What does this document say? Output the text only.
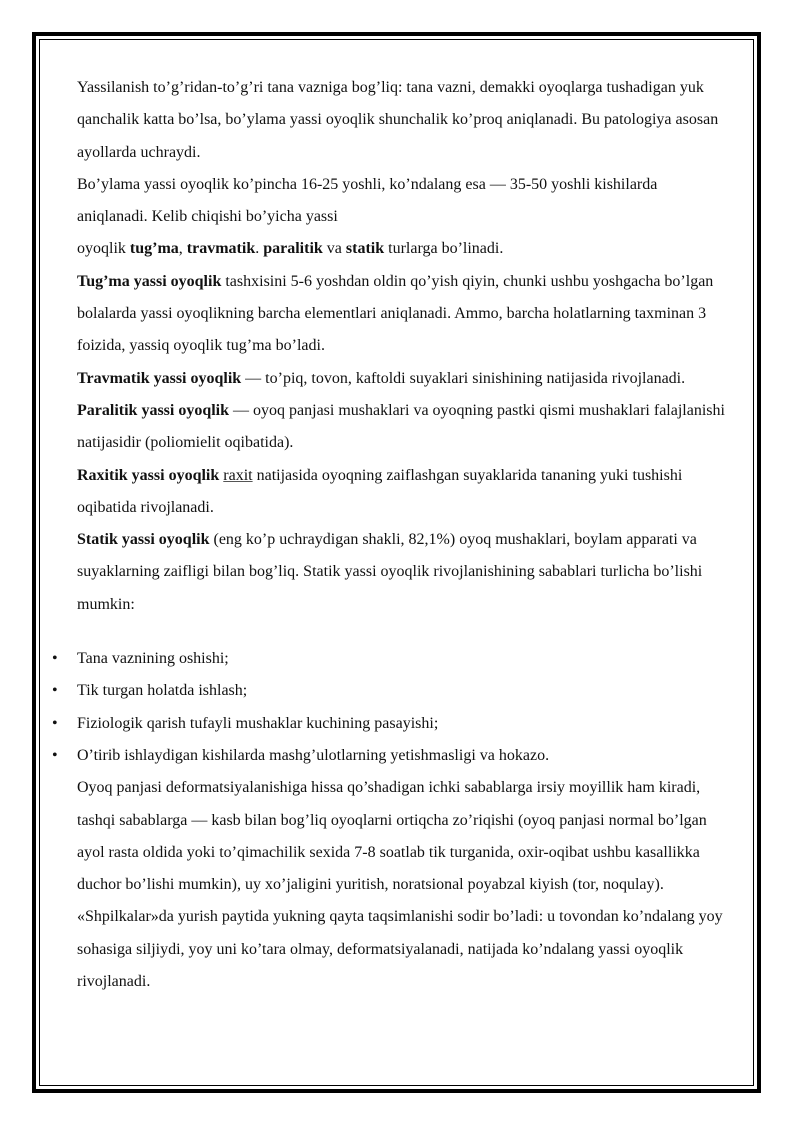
Yassilanish to’g’ridan-to’g’ri tana vazniga bog’liq: tana vazni, demakki oyoqlarga tushadigan yuk qanchalik katta bo’lsa, bo’ylama yassi oyoqlik shunchalik ko’proq aniqlanadi. Bu patologiya asosan ayollarda uchraydi.

Bo’ylama yassi oyoqlik ko’pincha 16-25 yoshli, ko’ndalang esa — 35-50 yoshli kishilarda aniqlanadi. Kelib chiqishi bo’yicha yassi
oyoqlik tug’ma, travmatik. paralitik va statik turlarga bo’linadi.

Tug’ma yassi oyoqlik tashxisini 5-6 yoshdan oldin qo’yish qiyin, chunki ushbu yoshgacha bo’lgan bolalarda yassi oyoqlikning barcha elementlari aniqlanadi. Ammo, barcha holatlarning taxminan 3 foizida, yassiq oyoqlik tug’ma bo’ladi.

Travmatik yassi oyoqlik — to’piq, tovon, kaftoldi suyaklari sinishining natijasida rivojlanadi. Paralitik yassi oyoqlik — oyoq panjasi mushaklari va oyoqning pastki qismi mushaklari falajlanishi natijasidir (poliomielit oqibatida).

Raxitik yassi oyoqlik raxit natijasida oyoqning zaiflashgan suyaklarida tananing yuki tushishi oqibatida rivojlanadi.

Statik yassi oyoqlik (eng ko’p uchraydigan shakli, 82,1%) oyoq mushaklari, boylam apparati va suyaklarning zaifligi bilan bog’liq. Statik yassi oyoqlik rivojlanishining sabablari turlicha bo’lishi mumkin:

• Tana vaznining oshishi;
• Tik turgan holatda ishlash;
• Fiziologik qarish tufayli mushaklar kuchining pasayishi;
• O’tirib ishlaydigan kishilarda mashg’ulotlarning yetishmasligi va hokazo.

Oyoq panjasi deformatsiyalanishiga hissa qo’shadigan ichki sabablarga irsiy moyillik ham kiradi, tashqi sabablarga — kasb bilan bog’liq oyoqlarni ortiqcha zo’riqishi (oyoq panjasi normal bo’lgan ayol rasta oldida yoki to’qimachilik sexida 7-8 soatlab tik turganida, oxir-oqibat ushbu kasallikka duchor bo’lishi mumkin), uy xo’jaligini yuritish, noratsional poyabzal kiyish (tor, noqulay).

«Shpilkalar»da yurish paytida yukning qayta taqsimlanishi sodir bo’ladi: u tovondan ko’ndalang yoy sohasiga siljiydi, yoy uni ko’tara olmay, deformatsiyalanadi, natijada ko’ndalang yassi oyoqlik rivojlanadi.
